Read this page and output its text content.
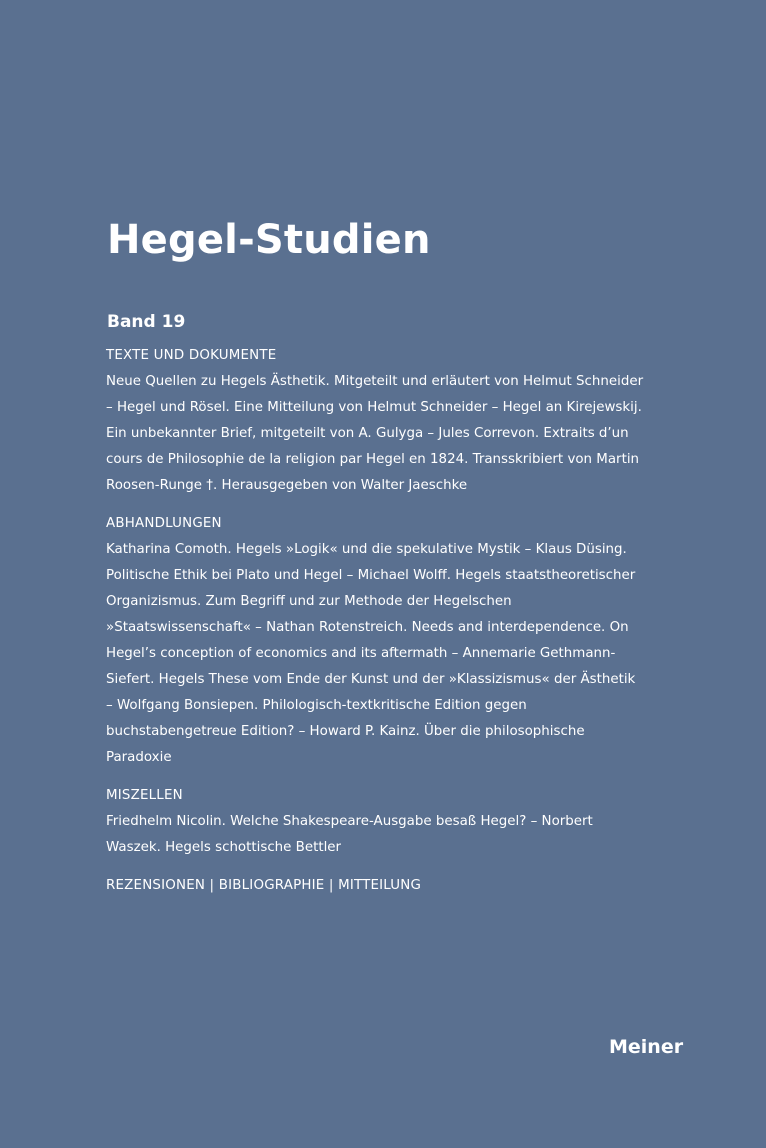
Hegel-Studien

Band 19

TEXTE UND DOKUMENTE

Neue Quellen zu Hegels Ästhetik. Mitgeteilt und erläutert von Helmut Schneider – Hegel und Rösel. Eine Mitteilung von Helmut Schneider – Hegel an Kirejewskij. Ein unbekannter Brief, mitgeteilt von A. Gulyga – Jules Correvon. Extraits d’un cours de Philosophie de la religion par Hegel en 1824. Transskribiert von Martin Roosen-Runge †. Herausgegeben von Walter Jaeschke

ABHANDLUNGEN

Katharina Comoth. Hegels »Logik« und die spekulative Mystik – Klaus Düsing. Politische Ethik bei Plato und Hegel – Michael Wolff. Hegels staatstheoretischer Organizismus. Zum Begriff und zur Methode der Hegelschen »Staatswissenschaft« – Nathan Rotenstreich. Needs and interdependence. On Hegel’s conception of economics and its aftermath – Annemarie Gethmann-Siefert. Hegels These vom Ende der Kunst und der »Klassizismus« der Ästhetik – Wolfgang Bonsiepen. Philologisch-textkritische Edition gegen buchstabengetreue Edition? – Howard P. Kainz. Über die philosophische Paradoxie

MISZELLEN

Friedhelm Nicolin. Welche Shakespeare-Ausgabe besaß Hegel? – Norbert Waszek. Hegels schottische Bettler

REZENSIONEN | BIBLIOGRAPHIE | MITTEILUNG

Meiner
